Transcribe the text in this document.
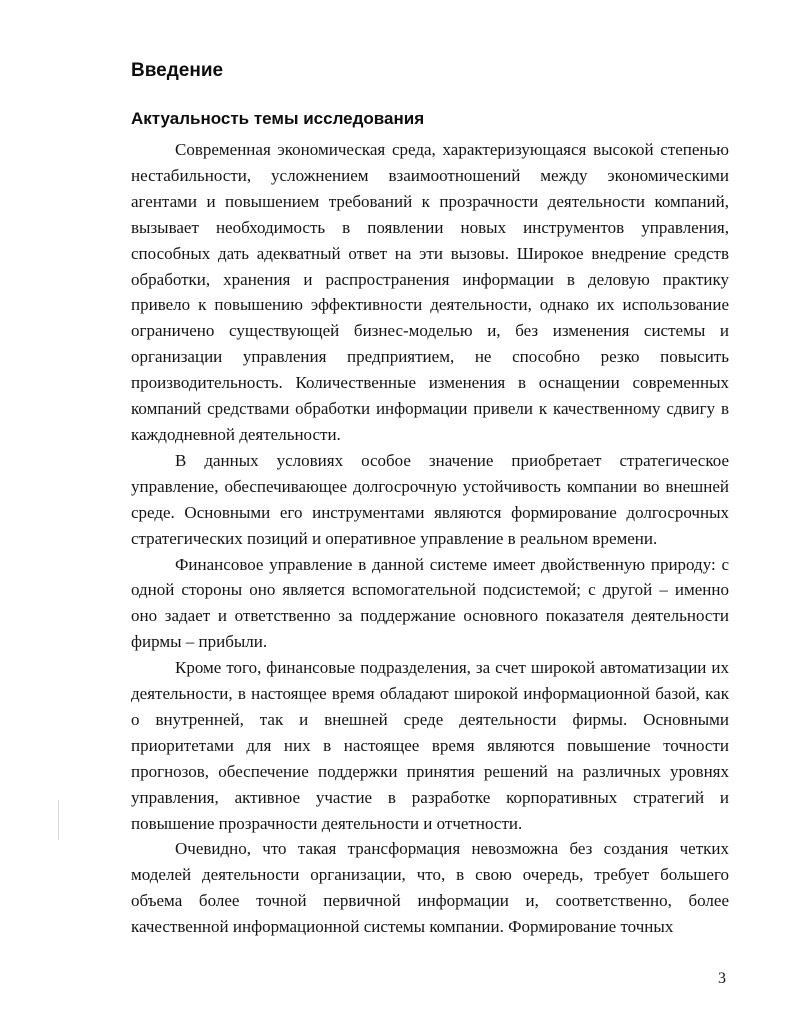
Введение
Актуальность темы исследования

Современная экономическая среда, характеризующаяся высокой степенью нестабильности, усложнением взаимоотношений между экономическими агентами и повышением требований к прозрачности деятельности компаний, вызывает необходимость в появлении новых инструментов управления, способных дать адекватный ответ на эти вызовы. Широкое внедрение средств обработки, хранения и распространения информации в деловую практику привело к повышению эффективности деятельности, однако их использование ограничено существующей бизнес-моделью и, без изменения системы и организации управления предприятием, не способно резко повысить производительность. Количественные изменения в оснащении современных компаний средствами обработки информации привели к качественному сдвигу в каждодневной деятельности.

В данных условиях особое значение приобретает стратегическое управление, обеспечивающее долгосрочную устойчивость компании во внешней среде. Основными его инструментами являются формирование долгосрочных стратегических позиций и оперативное управление в реальном времени.

Финансовое управление в данной системе имеет двойственную природу: с одной стороны оно является вспомогательной подсистемой; с другой – именно оно задает и ответственно за поддержание основного показателя деятельности фирмы – прибыли.

Кроме того, финансовые подразделения, за счет широкой автоматизации их деятельности, в настоящее время обладают широкой информационной базой, как о внутренней, так и внешней среде деятельности фирмы. Основными приоритетами для них в настоящее время являются повышение точности прогнозов, обеспечение поддержки принятия решений на различных уровнях управления, активное участие в разработке корпоративных стратегий и повышение прозрачности деятельности и отчетности.

Очевидно, что такая трансформация невозможна без создания четких моделей деятельности организации, что, в свою очередь, требует большего объема более точной первичной информации и, соответственно, более качественной информационной системы компании. Формирование точных

3
